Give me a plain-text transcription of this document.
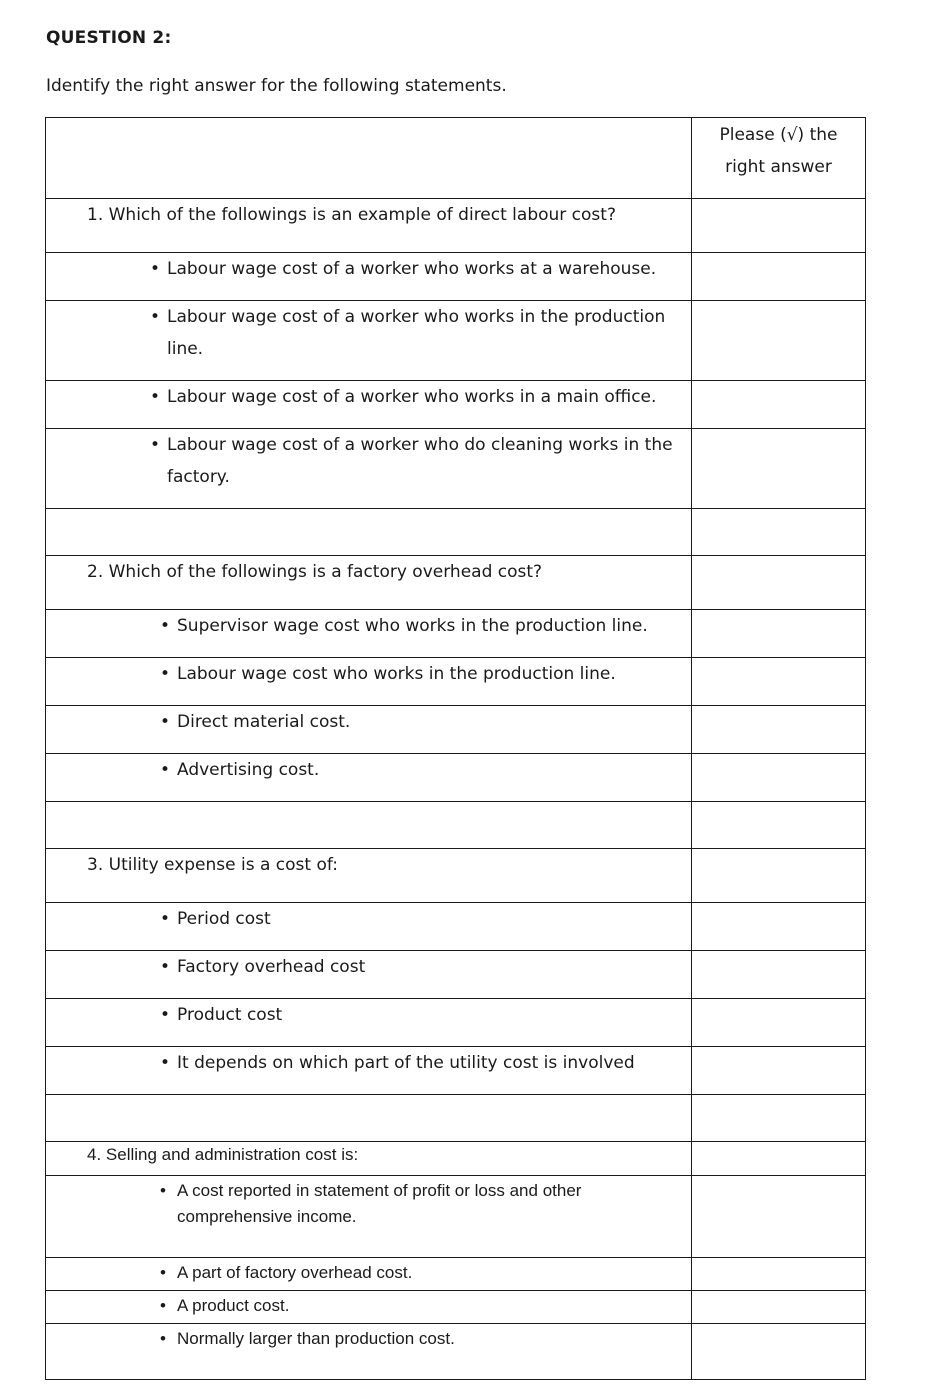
QUESTION 2:
Identify the right answer for the following statements.

	Please (√) the
right answer

1. Which of the followings is an example of direct labour cost?	

• Labour wage cost of a worker who works at a warehouse.	

• Labour wage cost of a worker who works in the production line.	

• Labour wage cost of a worker who works in a main office.	

• Labour wage cost of a worker who do cleaning works in the factory.	

2. Which of the followings is a factory overhead cost?	

• Supervisor wage cost who works in the production line.	

• Labour wage cost who works in the production line.	

• Direct material cost.	

• Advertising cost.	

3. Utility expense is a cost of:	

• Period cost	

• Factory overhead cost	

• Product cost	

• It depends on which part of the utility cost is involved	

4. Selling and administration cost is:	

• A cost reported in statement of profit or loss and other comprehensive income.	

• A part of factory overhead cost.	

• A product cost.	

• Normally larger than production cost.	
